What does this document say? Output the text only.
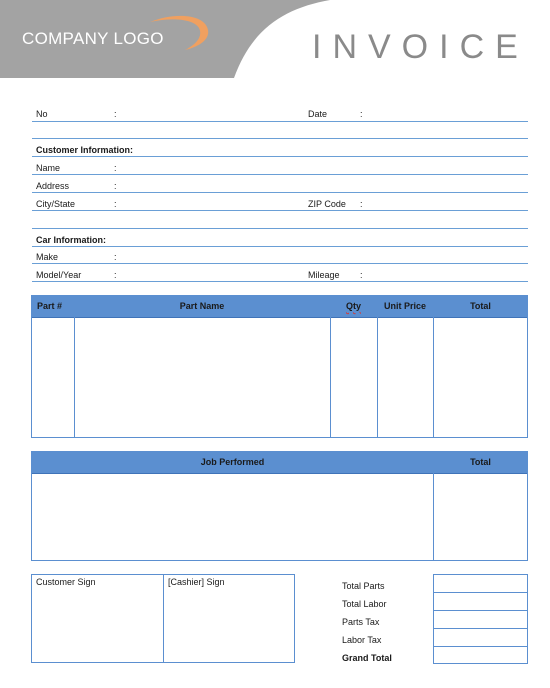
COMPANY LOGO	INVOICE
No	:	Date	:
Customer Information:
Name	:
Address	:
City/State	:	ZIP Code :
Car Information:
Make	:
Model/Year	:	Mileage :
Part #	Part Name	Qty	Unit Price	Total
Job Performed	Total
Customer Sign	[Cashier] Sign	Total Parts
Total Labor
Parts Tax
Labor Tax
Grand Total
